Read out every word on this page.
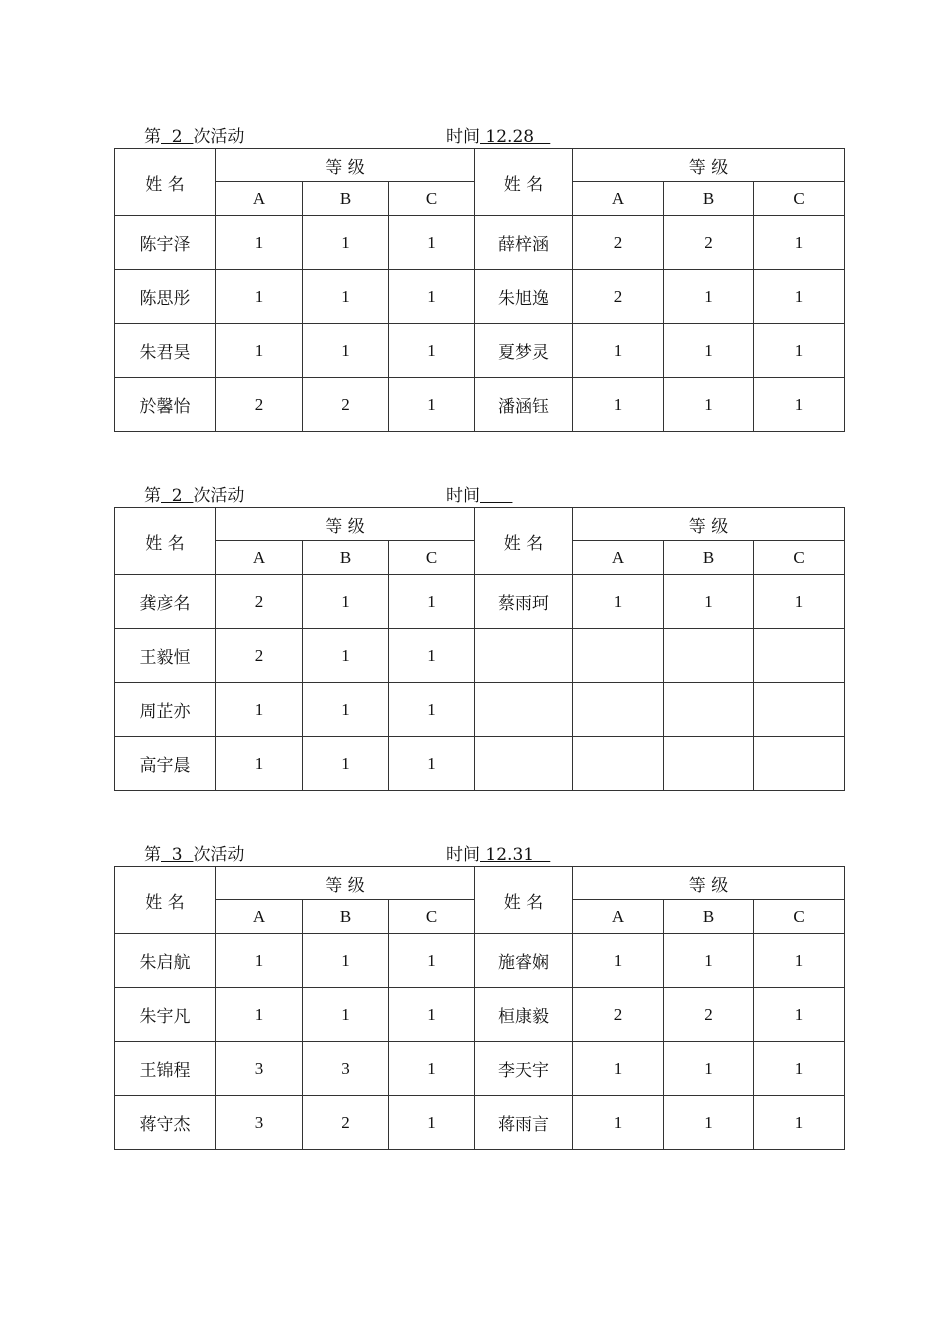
第  2  次活动	时间 12.28
姓 名	等 级			姓 名	等 级		
	A	B	C		A	B	C
陈宇泽	1	1	1	薛梓涵	2	2	1
陈思彤	1	1	1	朱旭逸	2	1	1
朱君昊	1	1	1	夏梦灵	1	1	1
於馨怡	2	2	1	潘涵钰	1	1	1
第  2  次活动	时间
姓 名	等 级			姓 名	等 级		
	A	B	C		A	B	C
龚彦名	2	1	1	蔡雨珂	1	1	1
王毅恒	2	1	1				
周芷亦	1	1	1				
高宇晨	1	1	1				
第  3  次活动	时间 12.31
姓 名	等 级			姓 名	等 级		
	A	B	C		A	B	C
朱启航	1	1	1	施睿娴	1	1	1
朱宇凡	1	1	1	桓康毅	2	2	1
王锦程	3	3	1	李天宇	1	1	1
蒋守杰	3	2	1	蒋雨言	1	1	1
